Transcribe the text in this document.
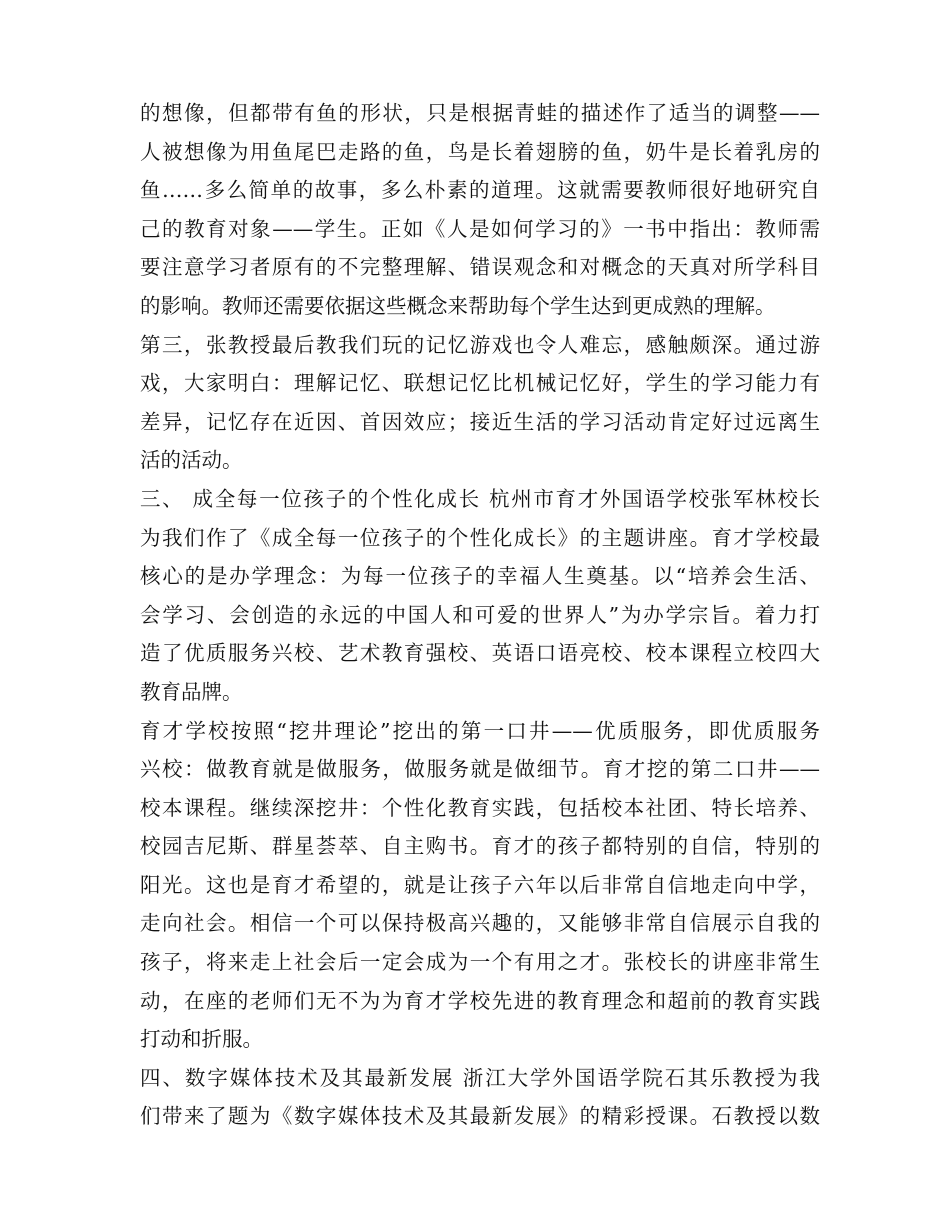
的想像，但都带有鱼的形状，只是根据青蛙的描述作了适当的调整——
人被想像为用鱼尾巴走路的鱼，鸟是长着翅膀的鱼，奶牛是长着乳房的
鱼……多么简单的故事，多么朴素的道理。这就需要教师很好地研究自
己的教育对象——学生。正如《人是如何学习的》一书中指出：教师需
要注意学习者原有的不完整理解、错误观念和对概念的天真对所学科目
的影响。教师还需要依据这些概念来帮助每个学生达到更成熟的理解。
第三，张教授最后教我们玩的记忆游戏也令人难忘，感触颇深。通过游
戏，大家明白：理解记忆、联想记忆比机械记忆好，学生的学习能力有
差异，记忆存在近因、首因效应；接近生活的学习活动肯定好过远离生
活的活动。
三、 成全每一位孩子的个性化成长 杭州市育才外国语学校张军林校长
为我们作了《成全每一位孩子的个性化成长》的主题讲座。育才学校最
核心的是办学理念：为每一位孩子的幸福人生奠基。以“培养会生活、
会学习、会创造的永远的中国人和可爱的世界人”为办学宗旨。着力打
造了优质服务兴校、艺术教育强校、英语口语亮校、校本课程立校四大
教育品牌。
育才学校按照“挖井理论”挖出的第一口井——优质服务，即优质服务
兴校：做教育就是做服务，做服务就是做细节。育才挖的第二口井——
校本课程。继续深挖井：个性化教育实践，包括校本社团、特长培养、
校园吉尼斯、群星荟萃、自主购书。育才的孩子都特别的自信，特别的
阳光。这也是育才希望的，就是让孩子六年以后非常自信地走向中学，
走向社会。相信一个可以保持极高兴趣的，又能够非常自信展示自我的
孩子，将来走上社会后一定会成为一个有用之才。张校长的讲座非常生
动，在座的老师们无不为为育才学校先进的教育理念和超前的教育实践
打动和折服。
四、数字媒体技术及其最新发展 浙江大学外国语学院石其乐教授为我
们带来了题为《数字媒体技术及其最新发展》的精彩授课。石教授以数
